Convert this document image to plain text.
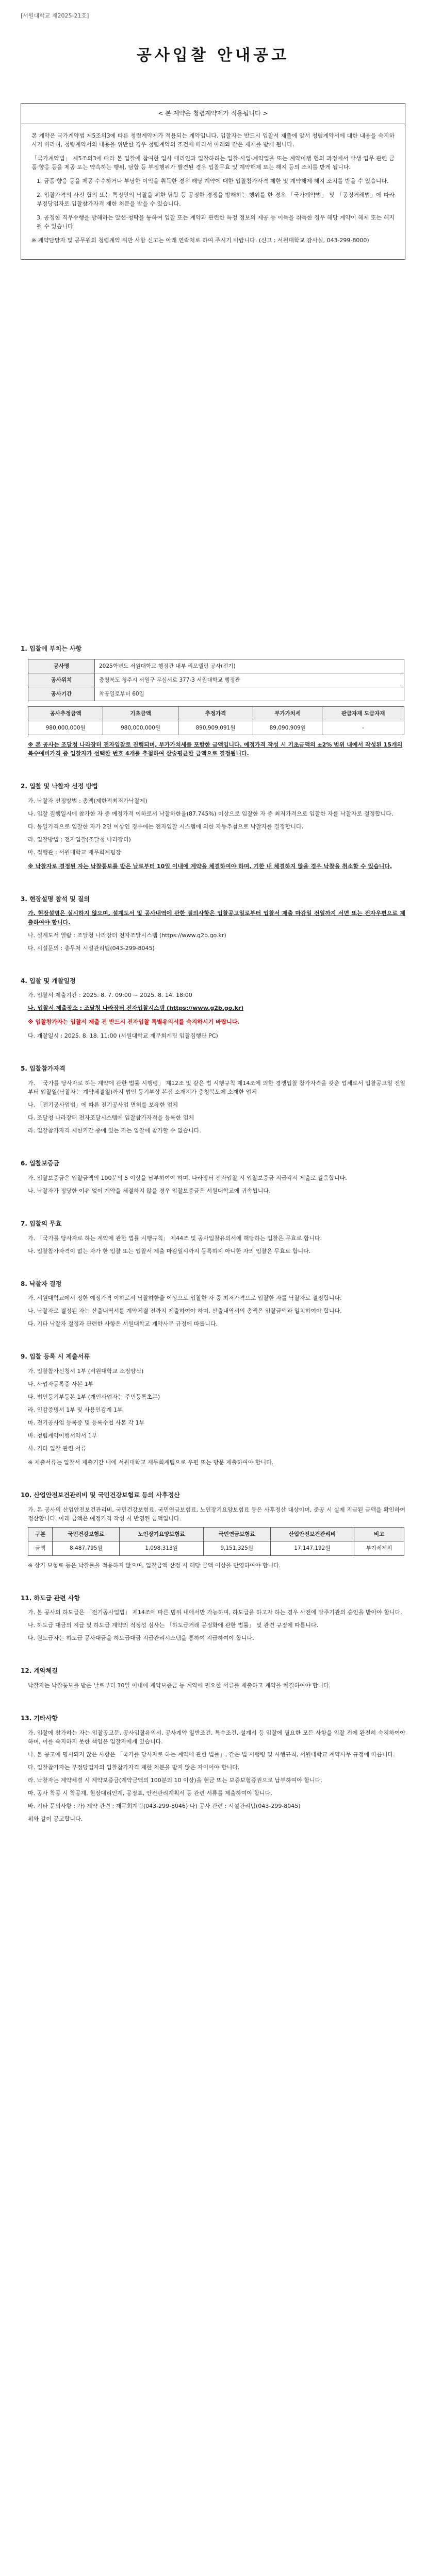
[서원대학교 제2025-21호]
공사입찰 안내공고
< 본 계약은 청렴계약제가 적용됩니다 >

본 계약은 국가계약법 제5조의3에 따른 청렴계약제가 적용되는 계약입니다. 입찰자는 반드시 입찰서 제출에 앞서 청렴계약서에 대한 내용을 숙지하시기 바라며, 청렴계약서의 내용을 위반한 경우 청렴계약의 조건에 따라서 아래와 같은 제재를 받게 됩니다.

「국가계약법」 제5조의3에 따라 본 입찰에 참여한 입사 대리인과 입찰하려는 입찰·사업·계약업을 또는 계약이행 협의 과정에서 발생 업무 관련 금품·향응 등을 제공 또는 약속하는 행위, 담합 등 부정행위가 발견된 경우 입찰무효 및 계약해제 또는 해지 등의 조치를 받게 됩니다.

1. 금품·향응 등을 제공·수수하거나 부당한 이익을 취득한 경우 해당 계약에 대한 입찰참가자격 제한 및 계약해제·해지 조치를 받을 수 있습니다.

2. 입찰가격의 사전 협의 또는 특정인의 낙찰을 위한 담합 등 공정한 경쟁을 방해하는 행위를 한 경우 「국가계약법」 및 「공정거래법」에 따라 부정당업자로 입찰참가자격 제한 처분을 받을 수 있습니다.

3. 공정한 직무수행을 방해하는 알선·청탁을 통하여 입찰 또는 계약과 관련한 특정 정보의 제공 등 이득을 취득한 경우 해당 계약이 해제 또는 해지될 수 있습니다.

※ 계약담당자 및 공무원의 청렴계약 위반 사항 신고는 아래 연락처로 하여 주시기 바랍니다. (신고 : 서원대학교 감사실, 043-299-8000)

1. 입찰에 부치는 사항
공사명	2025학년도 서원대학교 행정관 내부 리모델링 공사(전기)
공사위치	충청북도 청주시 서원구 무심서로 377-3 서원대학교 행정관
공사기간	착공일로부터 60일
공사추정금액	기초금액	추정가격	부가가치세	관급자재 도급자재
980,000,000원	980,000,000원	890,909,091원	89,090,909원	-
※ 본 공사는 조달청 나라장터 전자입찰로 진행되며, 부가가치세를 포함한 금액입니다. 예정가격 작성 시 기초금액의 ±2% 범위 내에서 작성된 15개의 복수예비가격 중 입찰자가 선택한 번호 4개를 추첨하여 산술평균한 금액으로 결정됩니다.
2. 입찰 및 낙찰자 선정 방법

가. 낙찰자 선정방법 : 총액(제한적최저가낙찰제)

나. 입찰 집행일시에 참가한 자 중 예정가격 이하로서 낙찰하한율(87.745%) 이상으로 입찰한 자 중 최저가격으로 입찰한 자를 낙찰자로 결정합니다.

다. 동일가격으로 입찰한 자가 2인 이상인 경우에는 전자입찰 시스템에 의한 자동추첨으로 낙찰자를 결정합니다.

라. 입찰방법 : 전자입찰(조달청 나라장터)

마. 집행관 : 서원대학교 재무회계팀장

※ 낙찰자로 결정된 자는 낙찰통보를 받은 날로부터 10일 이내에 계약을 체결하여야 하며, 기한 내 체결하지 않을 경우 낙찰을 취소할 수 있습니다.
3. 현장설명 참석 및 질의

가. 현장설명은 실시하지 않으며, 설계도서 및 공사내역에 관한 질의사항은 입찰공고일로부터 입찰서 제출 마감일 전일까지 서면 또는 전자우편으로 제출하여야 합니다.

나. 설계도서 열람 : 조달청 나라장터 전자조달시스템 (https://www.g2b.go.kr)

다. 시설문의 : 총무처 시설관리팀(043-299-8045)

4. 입찰 및 개찰일정

가. 입찰서 제출기간 : 2025. 8. 7. 09:00 ~ 2025. 8. 14. 18:00

나. 입찰서 제출장소 : 조달청 나라장터 전자입찰시스템 (https://www.g2b.go.kr)

※ 입찰참가자는 입찰서 제출 전 반드시 전자입찰 특별유의서를 숙지하시기 바랍니다.

다. 개찰일시 : 2025. 8. 18. 11:00 (서원대학교 재무회계팀 입찰집행관 PC)

5. 입찰참가자격

가. 「국가를 당사자로 하는 계약에 관한 법률 시행령」 제12조 및 같은 법 시행규칙 제14조에 의한 경쟁입찰 참가자격을 갖춘 업체로서 입찰공고일 전일부터 입찰일(낙찰자는 계약체결일)까지 법인 등기부상 본점 소재지가 충청북도에 소재한 업체

나. 「전기공사업법」에 따른 전기공사업 면허를 보유한 업체

다. 조달청 나라장터 전자조달시스템에 입찰참가자격을 등록한 업체

라. 입찰참가자격 제한기간 중에 있는 자는 입찰에 참가할 수 없습니다.

6. 입찰보증금

가. 입찰보증금은 입찰금액의 100분의 5 이상을 납부하여야 하며, 나라장터 전자입찰 시 입찰보증금 지급각서 제출로 갈음합니다.

나. 낙찰자가 정당한 이유 없이 계약을 체결하지 않을 경우 입찰보증금은 서원대학교에 귀속됩니다.

7. 입찰의 무효

가. 「국가를 당사자로 하는 계약에 관한 법률 시행규칙」 제44조 및 공사입찰유의서에 해당하는 입찰은 무효로 합니다.

나. 입찰참가자격이 없는 자가 한 입찰 또는 입찰서 제출 마감일시까지 등록하지 아니한 자의 입찰은 무효로 합니다.

8. 낙찰자 결정

가. 서원대학교에서 정한 예정가격 이하로서 낙찰하한율 이상으로 입찰한 자 중 최저가격으로 입찰한 자를 낙찰자로 결정합니다.

나. 낙찰자로 결정된 자는 산출내역서를 계약체결 전까지 제출하여야 하며, 산출내역서의 총액은 입찰금액과 일치하여야 합니다.

다. 기타 낙찰자 결정과 관련한 사항은 서원대학교 계약사무 규정에 따릅니다.

9. 입찰 등록 시 제출서류

가. 입찰참가신청서 1부 (서원대학교 소정양식)

나. 사업자등록증 사본 1부

다. 법인등기부등본 1부 (개인사업자는 주민등록초본)

라. 인감증명서 1부 및 사용인감계 1부

마. 전기공사업 등록증 및 등록수첩 사본 각 1부

바. 청렴계약이행서약서 1부

사. 기타 입찰 관련 서류

※ 제출서류는 입찰서 제출기간 내에 서원대학교 재무회계팀으로 우편 또는 방문 제출하여야 합니다.
10. 산업안전보건관리비 및 국민건강보험료 등의 사후정산

가. 본 공사의 산업안전보건관리비, 국민건강보험료, 국민연금보험료, 노인장기요양보험료 등은 사후정산 대상이며, 준공 시 실제 지급된 금액을 확인하여 정산합니다. 아래 금액은 예정가격 작성 시 반영된 금액입니다.

구분	국민건강보험료	노인장기요양보험료	국민연금보험료	산업안전보건관리비	비고
금액	8,487,795원	1,098,313원	9,151,325원	17,147,192원	부가세제외
※ 상기 보험료 등은 낙찰률을 적용하지 않으며, 입찰금액 산정 시 해당 금액 이상을 반영하여야 합니다.
11. 하도급 관련 사항

가. 본 공사의 하도급은 「전기공사업법」 제14조에 따른 범위 내에서만 가능하며, 하도급을 하고자 하는 경우 사전에 발주기관의 승인을 받아야 합니다.

나. 하도급 대금의 지급 및 하도급 계약의 적정성 심사는 「하도급거래 공정화에 관한 법률」 및 관련 규정에 따릅니다.

다. 원도급자는 하도급 공사대금을 하도급대금 지급관리시스템을 통하여 지급하여야 합니다.

12. 계약체결

낙찰자는 낙찰통보를 받은 날로부터 10일 이내에 계약보증금 등 계약에 필요한 서류를 제출하고 계약을 체결하여야 합니다.

13. 기타사항

가. 입찰에 참가하는 자는 입찰공고문, 공사입찰유의서, 공사계약 일반조건, 특수조건, 설계서 등 입찰에 필요한 모든 사항을 입찰 전에 완전히 숙지하여야 하며, 이를 숙지하지 못한 책임은 입찰자에게 있습니다.

나. 본 공고에 명시되지 않은 사항은 「국가를 당사자로 하는 계약에 관한 법률」, 같은 법 시행령 및 시행규칙, 서원대학교 계약사무 규정에 따릅니다.

다. 입찰참가자는 부정당업자의 입찰참가자격 제한 처분을 받지 않은 자이어야 합니다.

라. 낙찰자는 계약체결 시 계약보증금(계약금액의 100분의 10 이상)을 현금 또는 보증보험증권으로 납부하여야 합니다.

마. 공사 착공 시 착공계, 현장대리인계, 공정표, 안전관리계획서 등 관련 서류를 제출하여야 합니다.

바. 기타 문의사항 : 가) 계약 관련 : 재무회계팀(043-299-8046) 나) 공사 관련 : 시설관리팀(043-299-8045)

위와 같이 공고합니다.
